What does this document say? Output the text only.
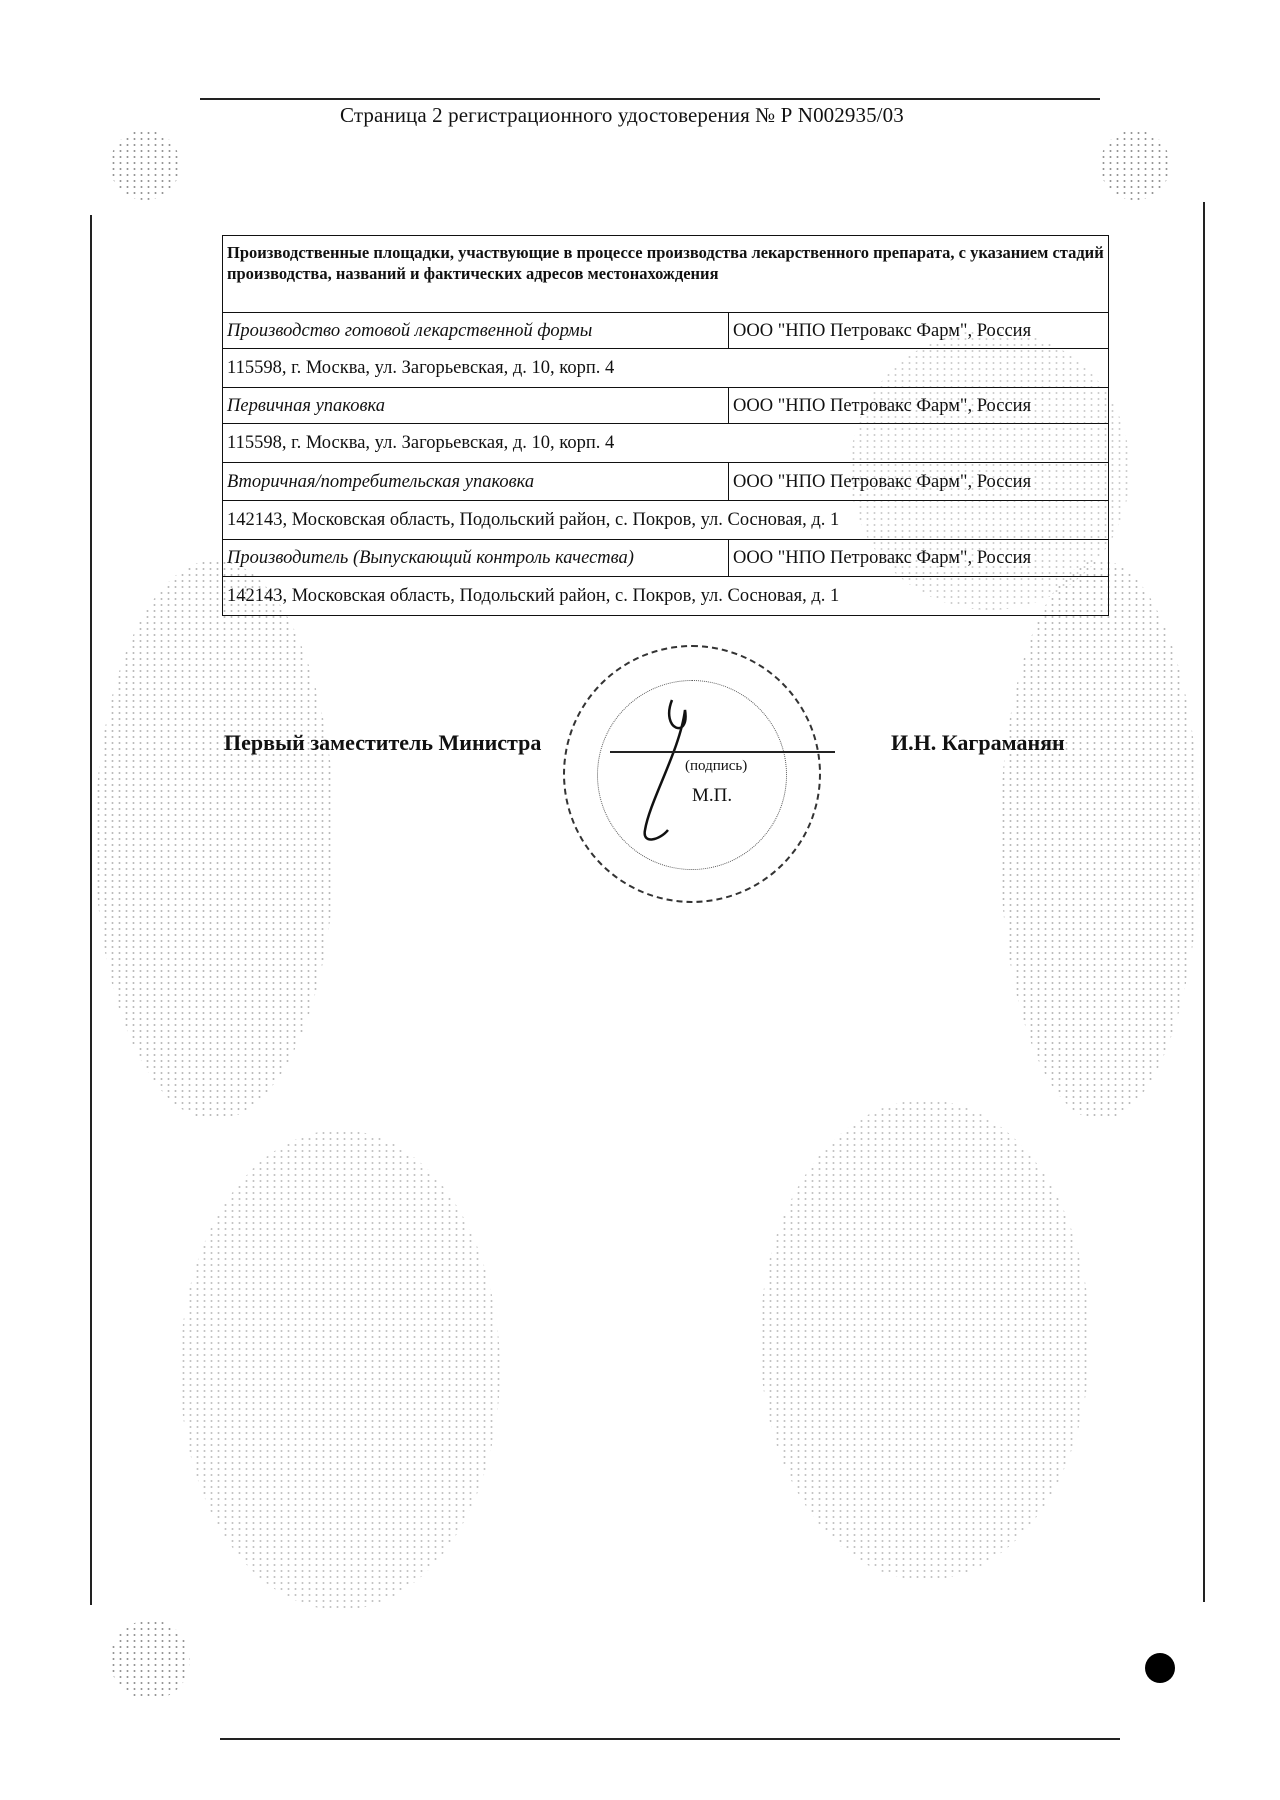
Страница 2 регистрационного удостоверения № Р N002935/03
Производственные площадки, участвующие в процессе производства лекарственного препарата, с указанием стадий производства, названий и фактических адресов местонахождения	
Производство готовой лекарственной формы	ООО "НПО Петровакс Фарм", Россия
115598, г. Москва, ул. Загорьевская, д. 10, корп. 4	
Первичная упаковка	ООО "НПО Петровакс Фарм", Россия
115598, г. Москва, ул. Загорьевская, д. 10, корп. 4	
Вторичная/потребительская упаковка	ООО "НПО Петровакс Фарм", Россия
142143, Московская область, Подольский район, с. Покров, ул. Сосновая, д. 1	
Производитель (Выпускающий контроль качества)	ООО "НПО Петровакс Фарм", Россия
142143, Московская область, Подольский район, с. Покров, ул. Сосновая, д. 1	
Первый заместитель Министра
(подпись)
М.П.
И.Н. Каграманян
